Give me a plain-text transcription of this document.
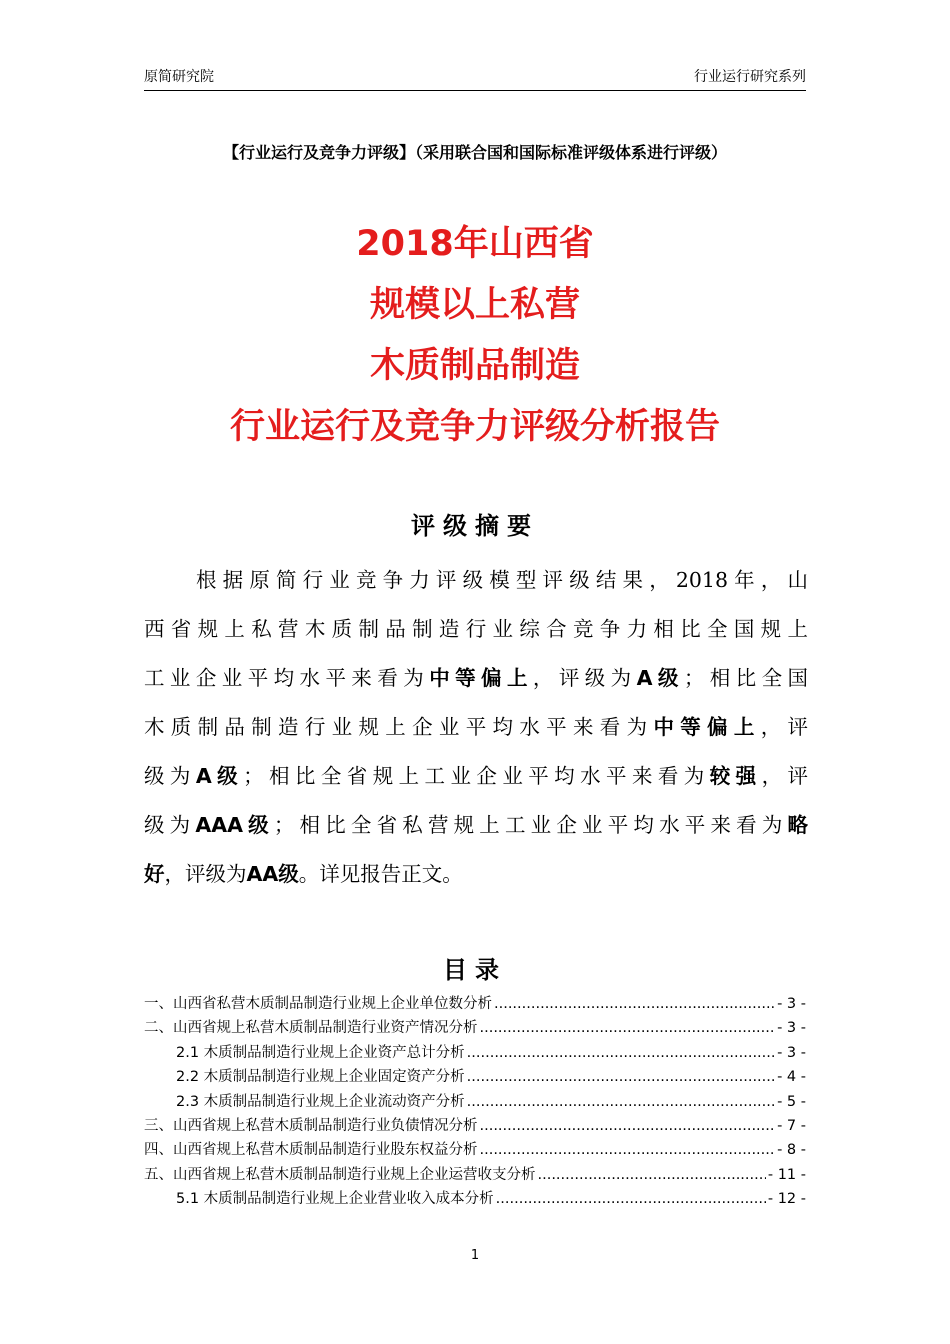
原简研究院	行业运行研究系列
【行业运行及竞争力评级】（采用联合国和国际标准评级体系进行评级）
2018年山西省
规模以上私营
木质制品制造
行业运行及竞争力评级分析报告
评级摘要
根据原简行业竞争力评级模型评级结果，2018年，山
西省规上私营木质制品制造行业综合竞争力相比全国规上
工业企业平均水平来看为中等偏上，评级为A级；相比全国
木质制品制造行业规上企业平均水平来看为中等偏上，评
级为A级；相比全省规上工业企业平均水平来看为较强，评
级为AAA级；相比全省私营规上工业企业平均水平来看为略
好，评级为AA级。详见报告正文。
目录
一、山西省私营木质制品制造行业规上企业单位数分析 .....	- 3 -
二、山西省规上私营木质制品制造行业资产情况分析 .....	- 3 -
2.1 木质制品制造行业规上企业资产总计分析 .....	- 3 -
2.2 木质制品制造行业规上企业固定资产分析 .....	- 4 -
2.3 木质制品制造行业规上企业流动资产分析 .....	- 5 -
三、山西省规上私营木质制品制造行业负债情况分析 .....	- 7 -
四、山西省规上私营木质制品制造行业股东权益分析 .....	- 8 -
五、山西省规上私营木质制品制造行业规上企业运营收支分析 .....	- 11 -
5.1 木质制品制造行业规上企业营业收入成本分析 .....	- 12 -
1
